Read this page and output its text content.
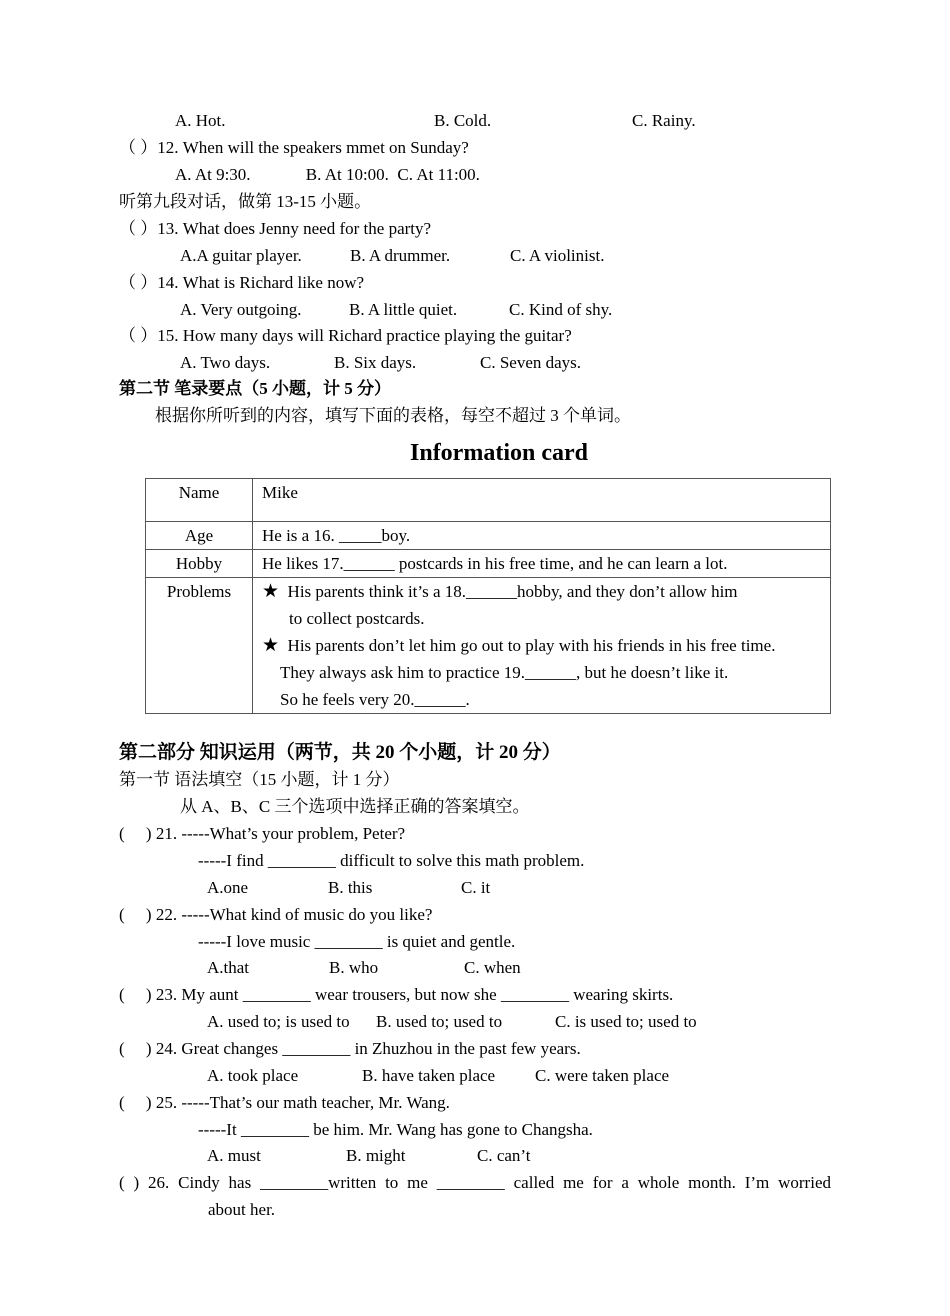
A. Hot.	B. Cold.	C. Rainy.
（ ）12. When will the speakers mmet on Sunday?
A. At 9:30.             B. At 10:00.  C. At 11:00.
听第九段对话，做第 13-15 小题。
（ ）13. What does Jenny need for the party?
A.A guitar player.	B. A drummer.	C. A violinist.
（ ）14. What is Richard like now?
A. Very outgoing.	B. A little quiet.	C. Kind of shy.
（ ）15. How many days will Richard practice playing the guitar?
A. Two days.	B. Six days.	C. Seven days.
第二节 笔录要点（5 小题，计 5 分）
根据你所听到的内容，填写下面的表格，每空不超过 3 个单词。
Information card
Name	Mike

Age	He is a 16. _____boy.

Hobby	He likes 17.______ postcards in his free time, and he can learn a lot.

Problems	★ His parents think it’s a 18.______hobby, and they don’t allow him
to collect postcards.
★ His parents don’t let him go out to play with his friends in his free time.
They always ask him to practice 19.______, but he doesn’t like it.
So he feels very 20.______.
第二部分 知识运用（两节，共 20 个小题，计 20 分）
第一节 语法填空（15 小题，计 1 分）
从 A、B、C 三个选项中选择正确的答案填空。
(     ) 21. -----What’s your problem, Peter?
-----I find ________ difficult to solve this math problem.
A.one	B. this	C. it
(     ) 22. -----What kind of music do you like?
-----I love music ________ is quiet and gentle.
A.that	B. who	C. when
(     ) 23. My aunt ________ wear trousers, but now she ________ wearing skirts.
A. used to; is used to B. used to; used to	C. is used to; used to
(     ) 24. Great changes ________ in Zhuzhou in the past few years.
A. took place	B. have taken place C. were taken place
(     ) 25. -----That’s our math teacher, Mr. Wang.
-----It ________ be him. Mr. Wang has gone to Changsha.
A. must	B. might	C. can’t
( ) 26. Cindy has ________written to me ________ called me for a whole month. I’m worried
about her.
